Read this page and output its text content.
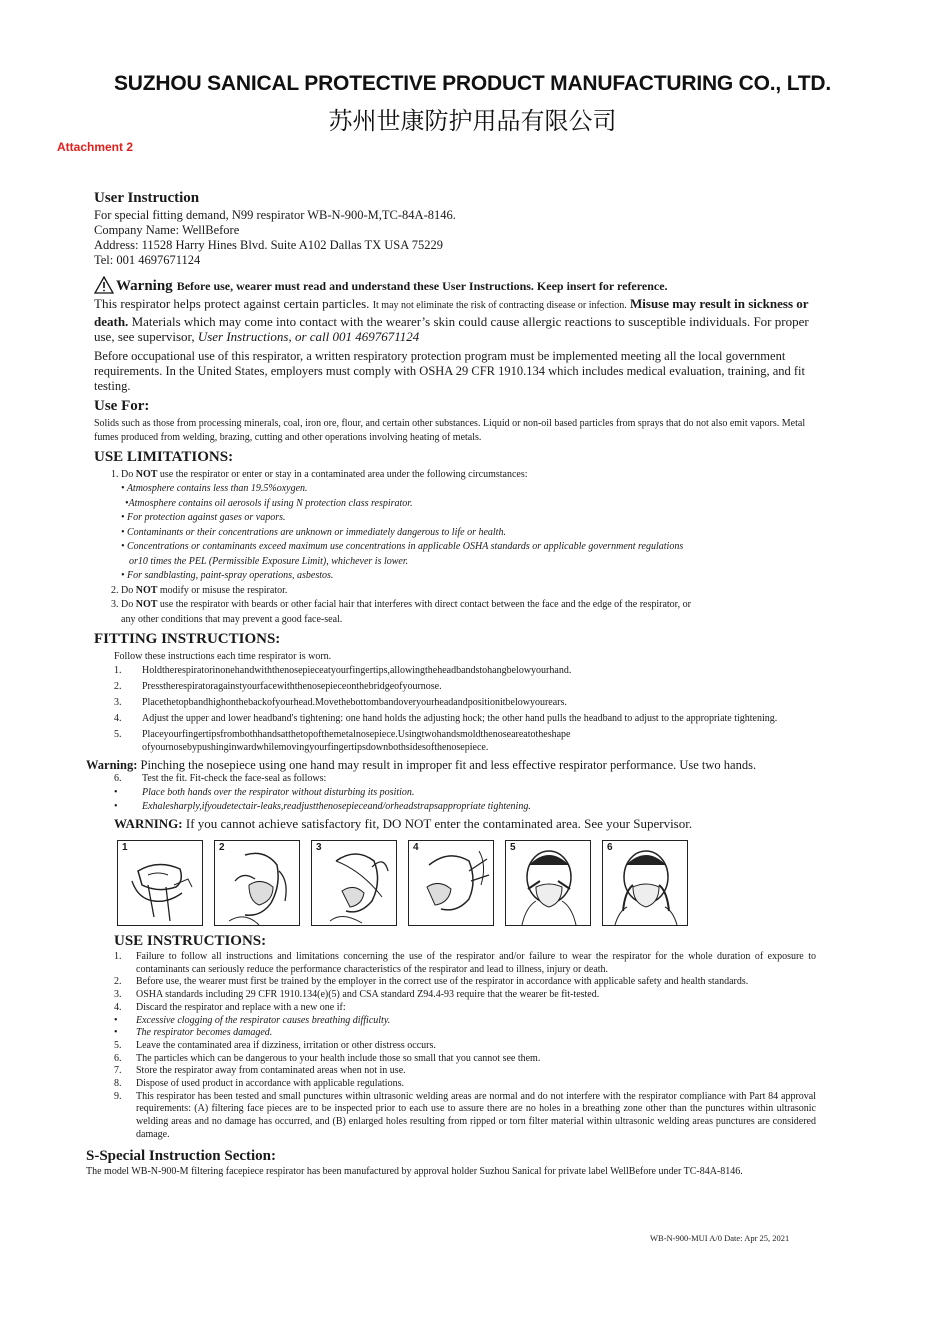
SUZHOU SANICAL PROTECTIVE PRODUCT MANUFACTURING CO., LTD.
苏州世康防护用品有限公司
Attachment 2
User Instruction

For special fitting demand, N99 respirator WB-N-900-M,TC-84A-8146.

Company Name: WellBefore

Address: 11528 Harry Hines Blvd. Suite A102 Dallas TX USA 75229

Tel: 001 4697671124

Warning Before use, wearer must read and understand these User Instructions. Keep insert for reference.

This respirator helps protect against certain particles. It may not eliminate the risk of contracting disease or infection. Misuse may result in sickness or death. Materials which may come into contact with the wearer’s skin could cause allergic reactions to susceptible individuals. For proper use, see supervisor, User Instructions, or call 001 4697671124

Before occupational use of this respirator, a written respiratory protection program must be implemented meeting all the local government requirements. In the United States, employers must comply with OSHA 29 CFR 1910.134 which includes medical evaluation, training, and fit testing.

Use For:

Solids such as those from processing minerals, coal, iron ore, flour, and certain other substances. Liquid or non-oil based particles from sprays that do not also emit vapors. Metal fumes produced from welding, brazing, cutting and other operations involving heating of metals.

USE LIMITATIONS:
1. Do NOT use the respirator or enter or stay in a contaminated area under the following circumstances:
• Atmosphere contains less than 19.5%oxygen.
•Atmosphere contains oil aerosols if using N protection class respirator.
• For protection against gases or vapors.
• Contaminants or their concentrations are unknown or immediately dangerous to life or health.
• Concentrations or contaminants exceed maximum use concentrations in applicable OSHA standards or applicable government regulations
or10 times the PEL (Permissible Exposure Limit), whichever is lower.
• For sandblasting, paint-spray operations, asbestos.
2. Do NOT modify or misuse the respirator.
3. Do NOT use the respirator with beards or other facial hair that interferes with direct contact between the face and the edge of the respirator, or
any other conditions that may prevent a good face-seal.
FITTING INSTRUCTIONS:

Follow these instructions each time respirator is worn.

1.	Holdtherespiratorinonehandwiththenosepieceatyourfingertips,allowingtheheadbandstohangbelowyourhand.
2.	Presstherespiratoragainstyourfacewiththenosepieceonthebridgeofyournose.
3.	Placethetopbandhighonthebackofyourhead.Movethebottombandoveryourheadandpositionitbelowyourears.
4.	Adjust the upper and lower headband's tightening: one hand holds the adjusting hock; the other hand pulls the headband to adjust to the appropriate tightening.
5.	Placeyourfingertipsfrombothhandsatthetopofthemetalnosepiece.Usingtwohandsmoldthenoseareatotheshape ofyournosebypushinginwardwhilemovingyourfingertipsdownbothsidesofthenosepiece.

Warning: Pinching the nosepiece using one hand may result in improper fit and less effective respirator performance. Use two hands.

6.	Test the fit. Fit-check the face-seal as follows:
•	Place both hands over the respirator without disturbing its position.
•	Exhalesharply,ifyoudetectair-leaks,readjustthenosepieceand/orheadstrapsappropriate tightening.

WARNING: If you cannot achieve satisfactory fit, DO NOT enter the contaminated area. See your Supervisor.

1	2	3	4	5	6
USE INSTRUCTIONS:
1.	Failure to follow all instructions and limitations concerning the use of the respirator and/or failure to wear the respirator for the whole duration of exposure to contaminants can seriously reduce the performance characteristics of the respirator and lead to illness, injury or death.
2.	Before use, the wearer must first be trained by the employer in the correct use of the respirator in accordance with applicable safety and health standards.
3.	OSHA standards including 29 CFR 1910.134(e)(5) and CSA standard Z94.4-93 require that the wearer be fit-tested.
4.	Discard the respirator and replace with a new one if:
•	Excessive clogging of the respirator causes breathing difficulty.
•	The respirator becomes damaged.
5.	Leave the contaminated area if dizziness, irritation or other distress occurs.
6.	The particles which can be dangerous to your health include those so small that you cannot see them.
7.	Store the respirator away from contaminated areas when not in use.
8.	Dispose of used product in accordance with applicable regulations.
9.	This respirator has been tested and small punctures within ultrasonic welding areas are normal and do not interfere with the respirator compliance with Part 84 approval requirements: (A) filtering face pieces are to be inspected prior to each use to assure there are no holes in a breathing zone other than the punctures within ultrasonic welding areas and no damage has occurred, and (B) enlarged holes resulting from ripped or torn filter material within ultrasonic welding areas punctures are considered damage.
S-Special Instruction Section:

The model WB-N-900-M filtering facepiece respirator has been manufactured by approval holder Suzhou Sanical for private label WellBefore under TC-84A-8146.

WB-N-900-MUI A/0 Date: Apr 25, 2021
